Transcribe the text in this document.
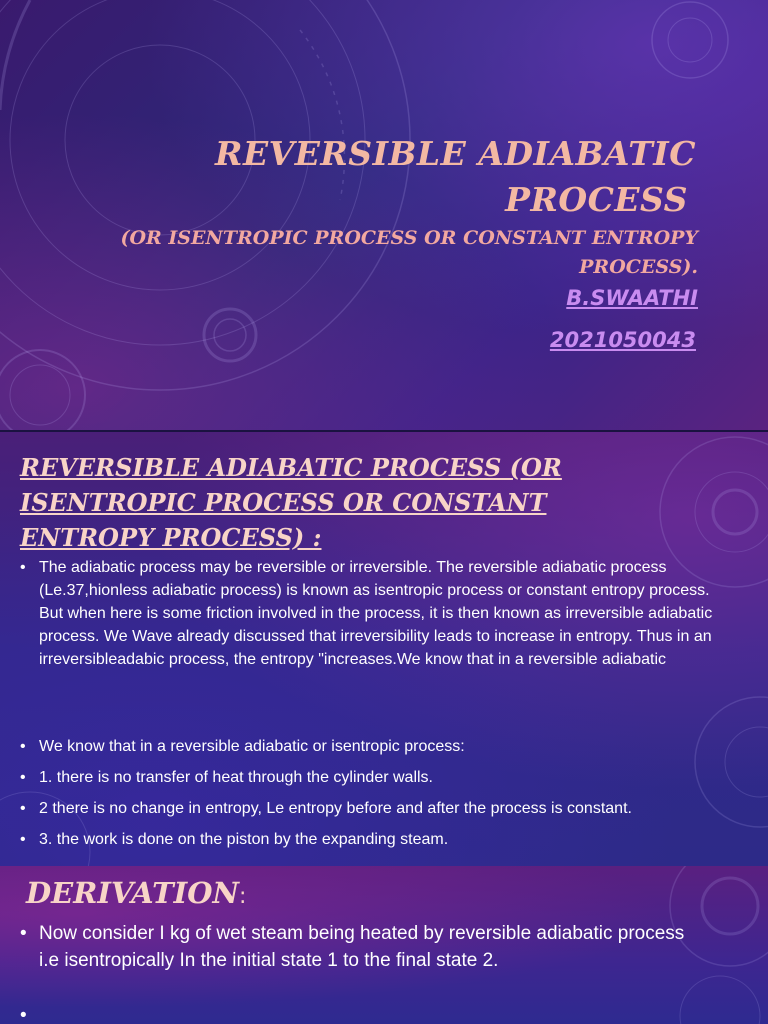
REVERSIBLE ADIABATIC
PROCESS
(OR ISENTROPIC PROCESS OR CONSTANT ENTROPY PROCESS).
B.SWAATHI
2021050043
REVERSIBLE ADIABATIC PROCESS (OR ISENTROPIC PROCESS OR CONSTANT ENTROPY PROCESS) :
• The adiabatic process may be reversible or irreversible. The reversible adiabatic process (Le.37,hionless adiabatic process) is known as isentropic process or constant entropy process. But when here is some friction involved in the process, it is then known as irreversible adiabatic process. We Wave already discussed that irreversibility leads to increase in entropy. Thus in an irreversibleadabic process, the entropy "increases.We know that in a reversible adiabatic
• We know that in a reversible adiabatic or isentropic process:
• 1. there is no transfer of heat through the cylinder walls.
• 2 there is no change in entropy, Le entropy before and after the process is constant.
• 3. the work is done on the piston by the expanding steam.
DERIVATION:
• Now consider I kg of wet steam being heated by reversible adiabatic process i.e isentropically In the initial state 1 to the final state 2.
•
